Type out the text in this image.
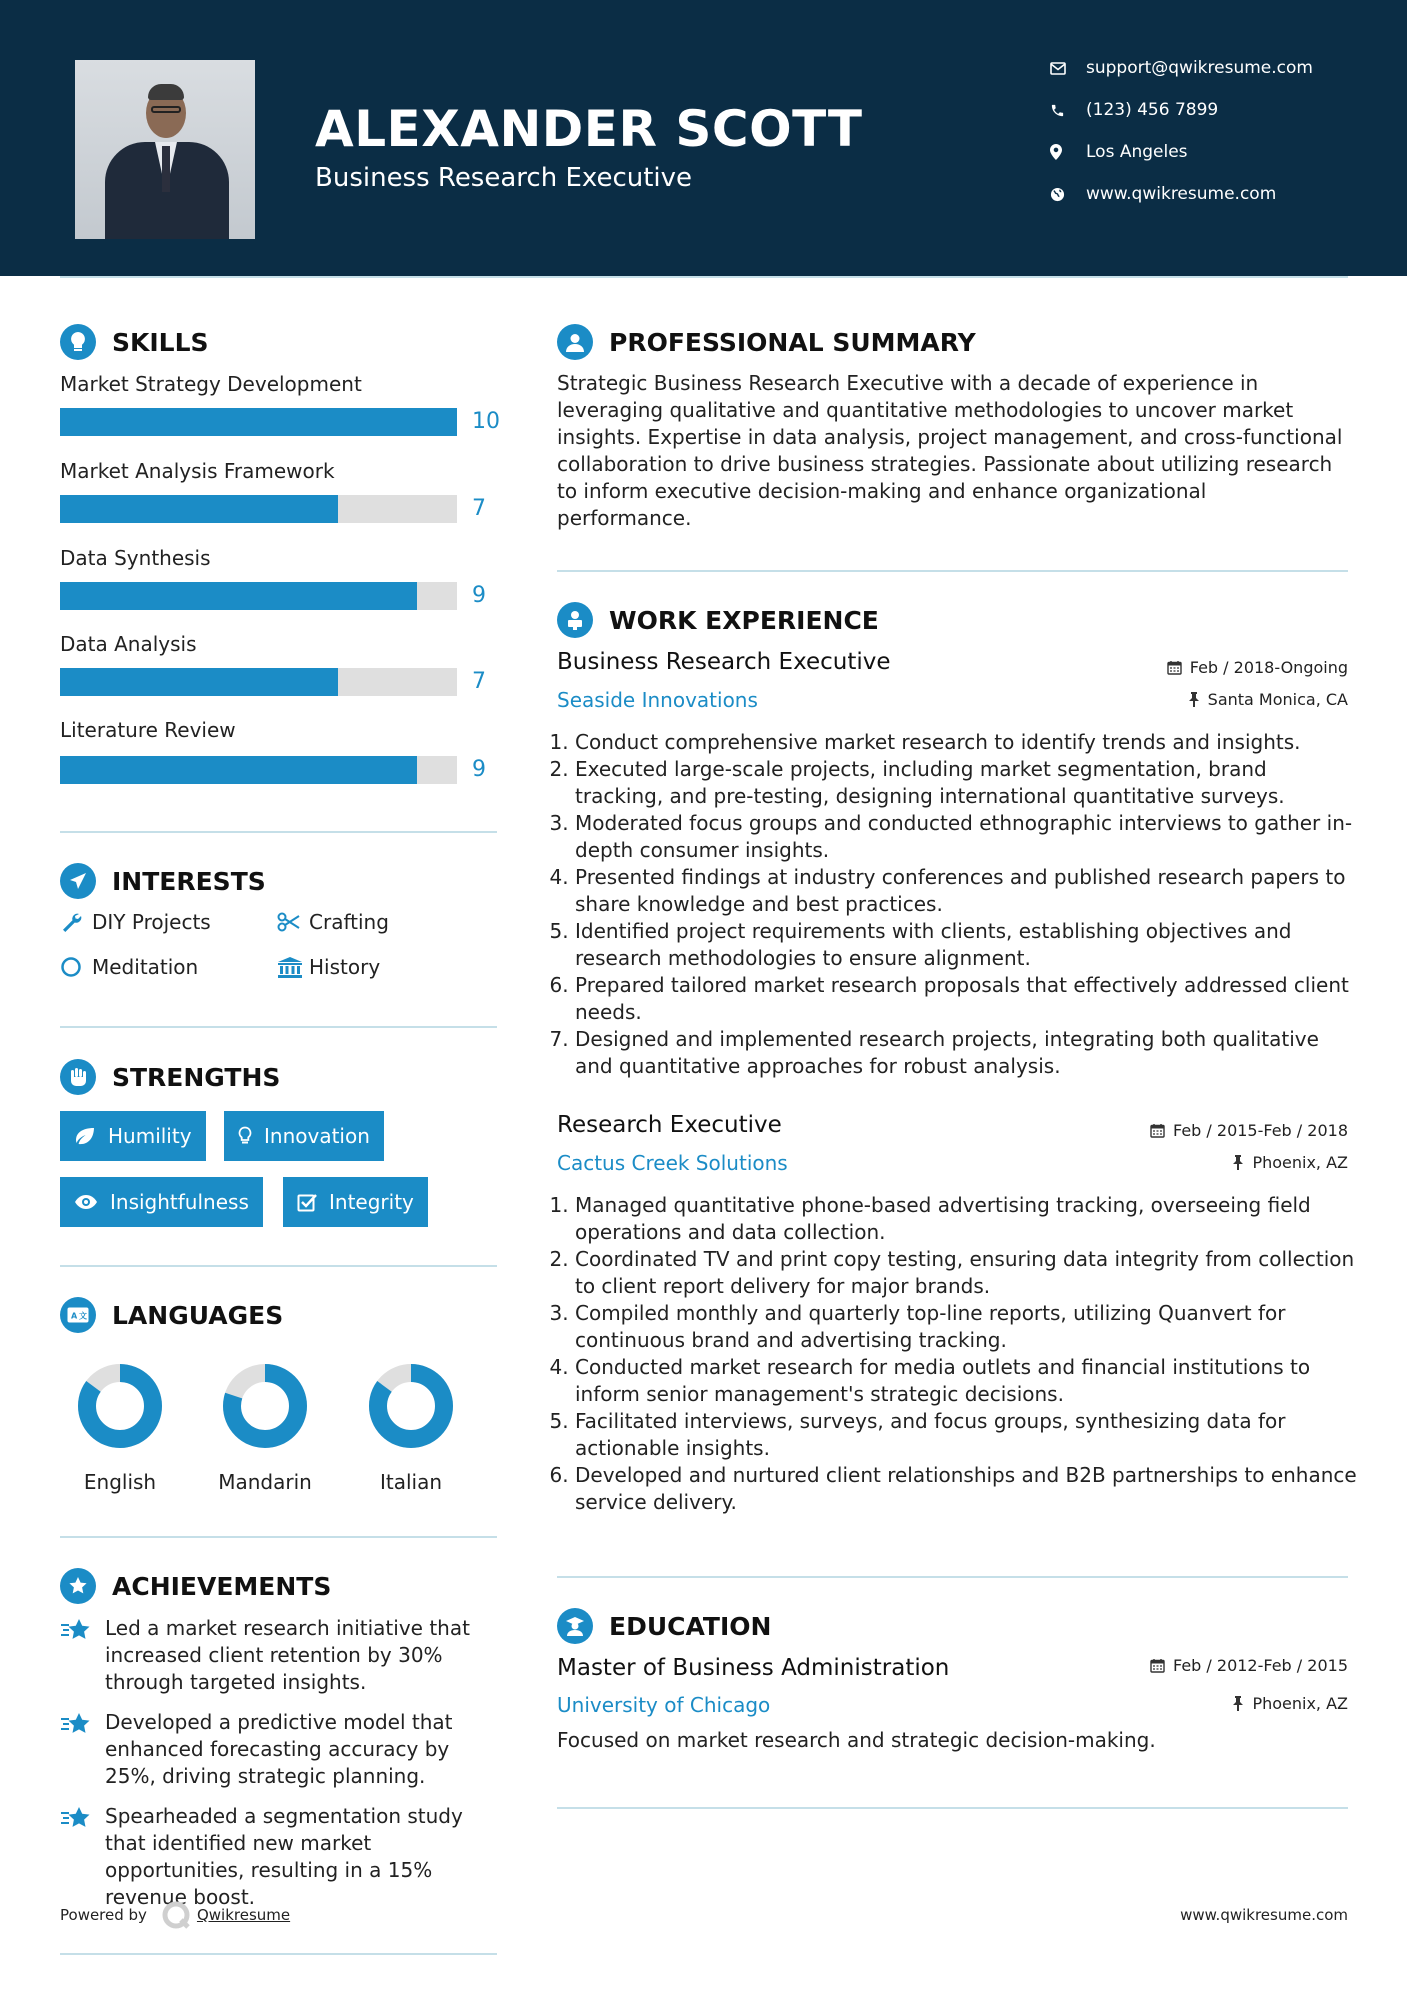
ALEXANDER SCOTT
Business Research Executive
support@qwikresume.com
(123) 456 7899
Los Angeles
www.qwikresume.com
SKILLS
Market Strategy Development
10
Market Analysis Framework
7
Data Synthesis
9
Data Analysis
7
Literature Review
9
INTERESTS
DIY Projects	Crafting
Meditation	History
STRENGTHS
Humility	Innovation
Insightfulness	Integrity
A 文 LANGUAGES
English	Mandarin	Italian
ACHIEVEMENTS
Led a market research initiative that increased client retention by 30% through targeted insights.
Developed a predictive model that enhanced forecasting accuracy by 25%, driving strategic planning.
Spearheaded a segmentation study that identified new market opportunities, resulting in a 15% revenue boost.
PROFESSIONAL SUMMARY
Strategic Business Research Executive with a decade of experience in leveraging qualitative and quantitative methodologies to uncover market insights. Expertise in data analysis, project management, and cross-functional collaboration to drive business strategies. Passionate about utilizing research to inform executive decision-making and enhance organizational performance.
WORK EXPERIENCE
Business Research Executive	Feb / 2018-Ongoing
Seaside Innovations	Santa Monica, CA
1. Conduct comprehensive market research to identify trends and insights.
2. Executed large-scale projects, including market segmentation, brand tracking, and pre-testing, designing international quantitative surveys.
3. Moderated focus groups and conducted ethnographic interviews to gather in-depth consumer insights.
4. Presented findings at industry conferences and published research papers to share knowledge and best practices.
5. Identified project requirements with clients, establishing objectives and research methodologies to ensure alignment.
6. Prepared tailored market research proposals that effectively addressed client needs.
7. Designed and implemented research projects, integrating both qualitative and quantitative approaches for robust analysis.
Research Executive	Feb / 2015-Feb / 2018
Cactus Creek Solutions	Phoenix, AZ
1. Managed quantitative phone-based advertising tracking, overseeing field operations and data collection.
2. Coordinated TV and print copy testing, ensuring data integrity from collection to client report delivery for major brands.
3. Compiled monthly and quarterly top-line reports, utilizing Quanvert for continuous brand and advertising tracking.
4. Conducted market research for media outlets and financial institutions to inform senior management's strategic decisions.
5. Facilitated interviews, surveys, and focus groups, synthesizing data for actionable insights.
6. Developed and nurtured client relationships and B2B partnerships to enhance service delivery.
EDUCATION
Master of Business Administration	Feb / 2012-Feb / 2015
University of Chicago	Phoenix, AZ
Focused on market research and strategic decision-making.
Powered by	Qwikresume	www.qwikresume.com
